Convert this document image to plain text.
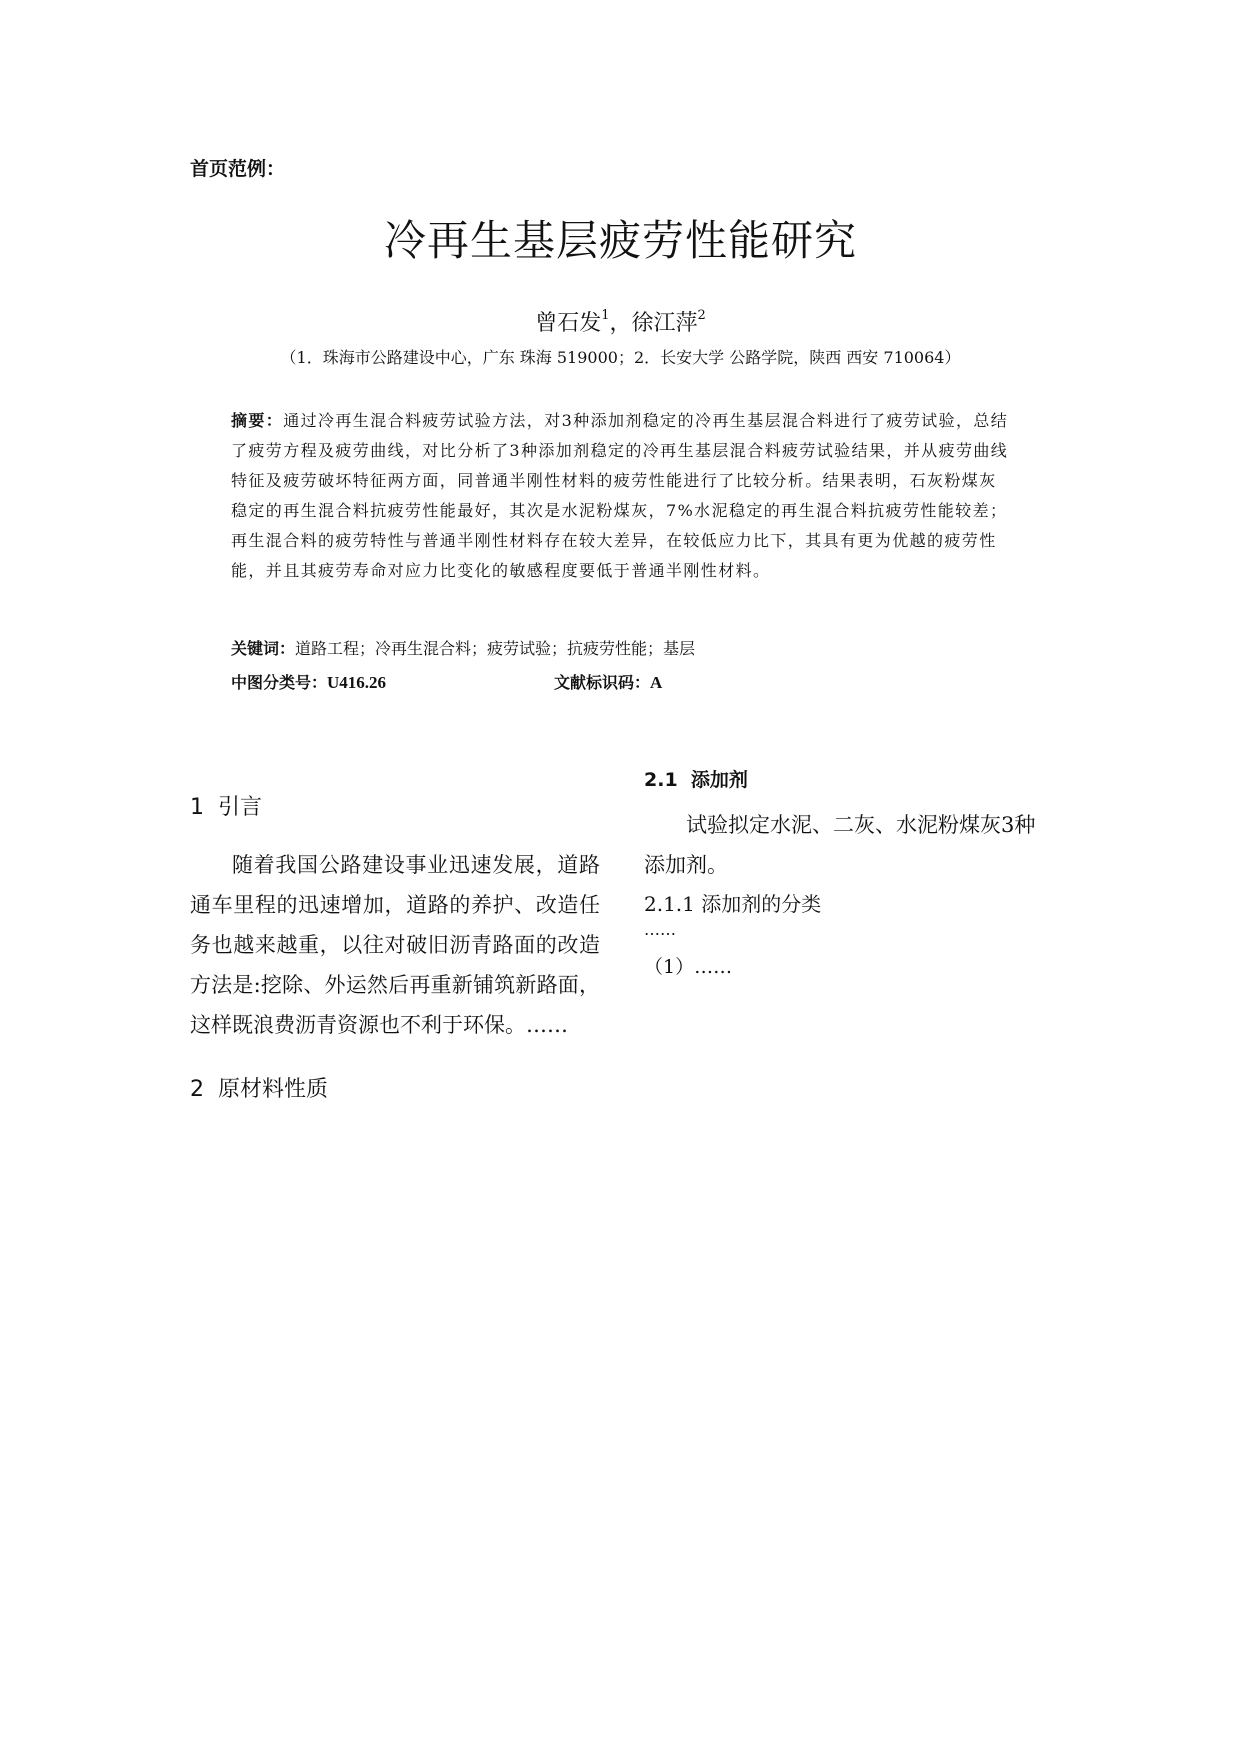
首页范例：
冷再生基层疲劳性能研究
曾石发$^1$，徐江萍$^2$
（1．珠海市公路建设中心，广东 珠海 519000；2．长安大学 公路学院，陕西 西安 710064）
摘要：通过冷再生混合料疲劳试验方法，对3种添加剂稳定的冷再生基层混合料进行了疲劳试验，总结了疲劳方程及疲劳曲线，对比分析了3种添加剂稳定的冷再生基层混合料疲劳试验结果，并从疲劳曲线特征及疲劳破坏特征两方面，同普通半刚性材料的疲劳性能进行了比较分析。结果表明，石灰粉煤灰稳定的再生混合料抗疲劳性能最好，其次是水泥粉煤灰，7%水泥稳定的再生混合料抗疲劳性能较差；再生混合料的疲劳特性与普通半刚性材料存在较大差异，在较低应力比下，其具有更为优越的疲劳性能，并且其疲劳寿命对应力比变化的敏感程度要低于普通半刚性材料。
关键词：道路工程；冷再生混合料；疲劳试验；抗疲劳性能；基层
中图分类号：U416.26	文献标识码：A
1  引言

随着我国公路建设事业迅速发展，道路通车里程的迅速增加，道路的养护、改造任务也越来越重，以往对破旧沥青路面的改造方法是:挖除、外运然后再重新铺筑新路面，这样既浪费沥青资源也不利于环保。……

2  原材料性质
2.1  添加剂

试验拟定水泥、二灰、水泥粉煤灰3种添加剂。

2.1.1 添加剂的分类
……
（1）……
